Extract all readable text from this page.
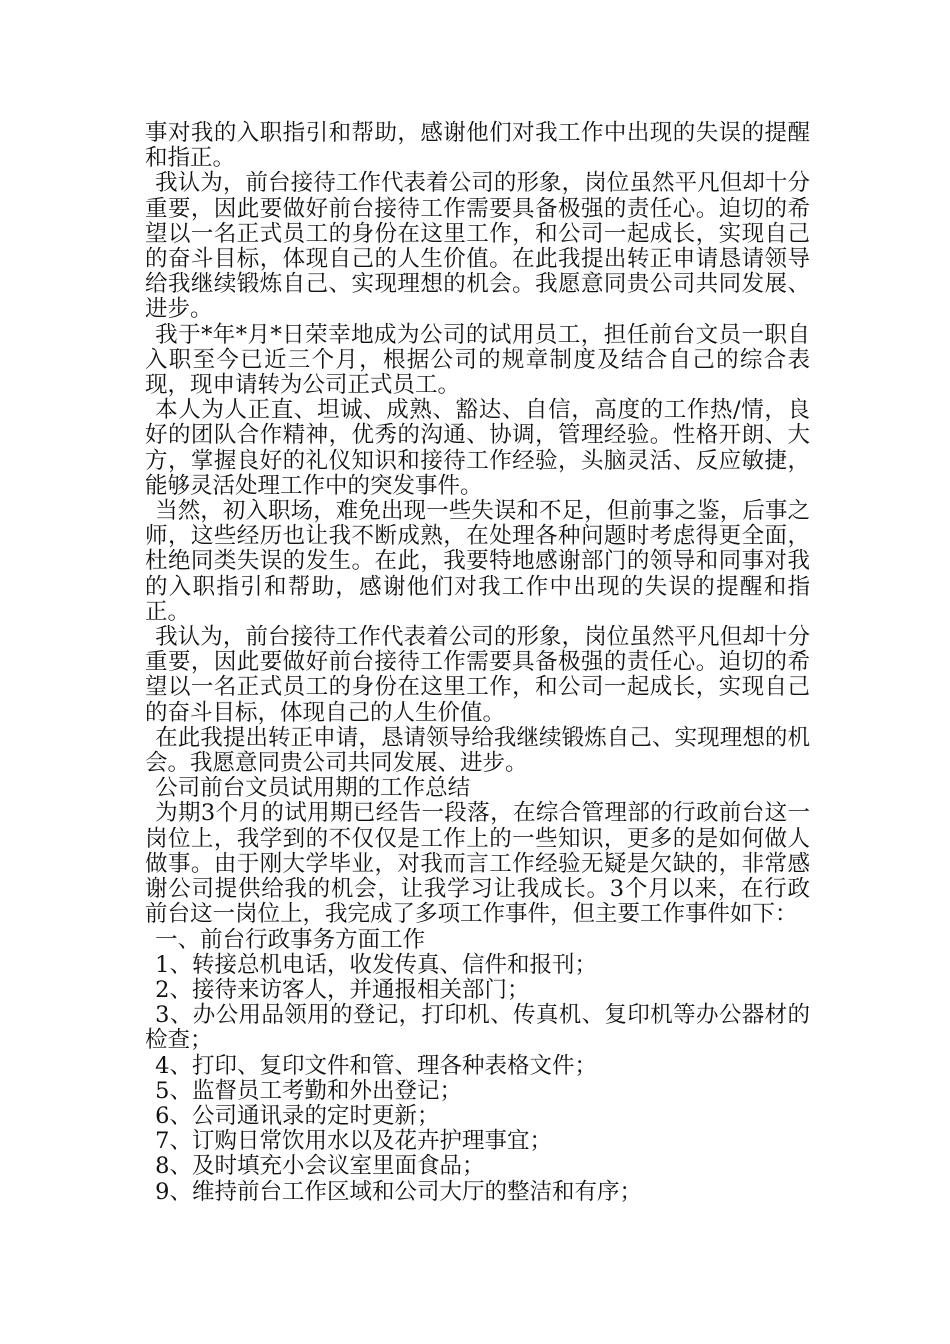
事对我的入职指引和帮助，感谢他们对我工作中出现的失误的提醒和指正。

我认为，前台接待工作代表着公司的形象，岗位虽然平凡但却十分重要，因此要做好前台接待工作需要具备极强的责任心。迫切的希望以一名正式员工的身份在这里工作，和公司一起成长，实现自己的奋斗目标，体现自己的人生价值。在此我提出转正申请恳请领导给我继续锻炼自己、实现理想的机会。我愿意同贵公司共同发展、进步。

我于*年*月*日荣幸地成为公司的试用员工，担任前台文员一职自入职至今已近三个月，根据公司的规章制度及结合自己的综合表现，现申请转为公司正式员工。

本人为人正直、坦诚、成熟、豁达、自信，高度的工作热/情，良好的团队合作精神，优秀的沟通、协调，管理经验。性格开朗、大方，掌握良好的礼仪知识和接待工作经验，头脑灵活、反应敏捷，能够灵活处理工作中的突发事件。

当然，初入职场，难免出现一些失误和不足，但前事之鉴，后事之师，这些经历也让我不断成熟，在处理各种问题时考虑得更全面，杜绝同类失误的发生。在此，我要特地感谢部门的领导和同事对我的入职指引和帮助，感谢他们对我工作中出现的失误的提醒和指正。

我认为，前台接待工作代表着公司的形象，岗位虽然平凡但却十分重要，因此要做好前台接待工作需要具备极强的责任心。迫切的希望以一名正式员工的身份在这里工作，和公司一起成长，实现自己的奋斗目标，体现自己的人生价值。

在此我提出转正申请，恳请领导给我继续锻炼自己、实现理想的机会。我愿意同贵公司共同发展、进步。

公司前台文员试用期的工作总结

为期3个月的试用期已经告一段落，在综合管理部的行政前台这一岗位上，我学到的不仅仅是工作上的一些知识，更多的是如何做人做事。由于刚大学毕业，对我而言工作经验无疑是欠缺的，非常感谢公司提供给我的机会，让我学习让我成长。3个月以来，在行政前台这一岗位上，我完成了多项工作事件，但主要工作事件如下：

一、前台行政事务方面工作

1、转接总机电话，收发传真、信件和报刊；

2、接待来访客人，并通报相关部门；

3、办公用品领用的登记，打印机、传真机、复印机等办公器材的检查；

4、打印、复印文件和管、理各种表格文件；

5、监督员工考勤和外出登记；

6、公司通讯录的定时更新；

7、订购日常饮用水以及花卉护理事宜；

8、及时填充小会议室里面食品；

9、维持前台工作区域和公司大厅的整洁和有序；
